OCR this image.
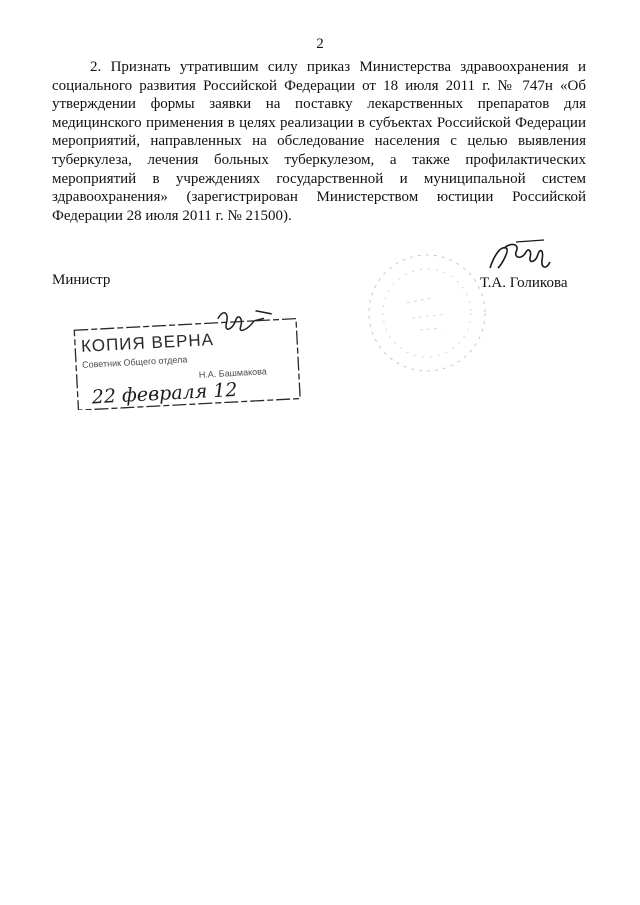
2
2. Признать утратившим силу приказ Министерства здравоохранения и социального развития Российской Федерации от 18 июля 2011 г. № 747н «Об утверждении формы заявки на поставку лекарственных препаратов для медицинского применения в целях реализации в субъектах Российской Федерации мероприятий, направленных на обследование населения с целью выявления туберкулеза, лечения больных туберкулезом, а также профилактических мероприятий в учреждениях государственной и муниципальной систем здравоохранения» (зарегистрирован Министерством юстиции Российской Федерации 28 июля 2011 г. № 21500).
Министр	Т.А. Голикова
КОПИЯ ВЕРНА
Советник Общего отдела
Н.А. Башмакова
22 февраля 12
